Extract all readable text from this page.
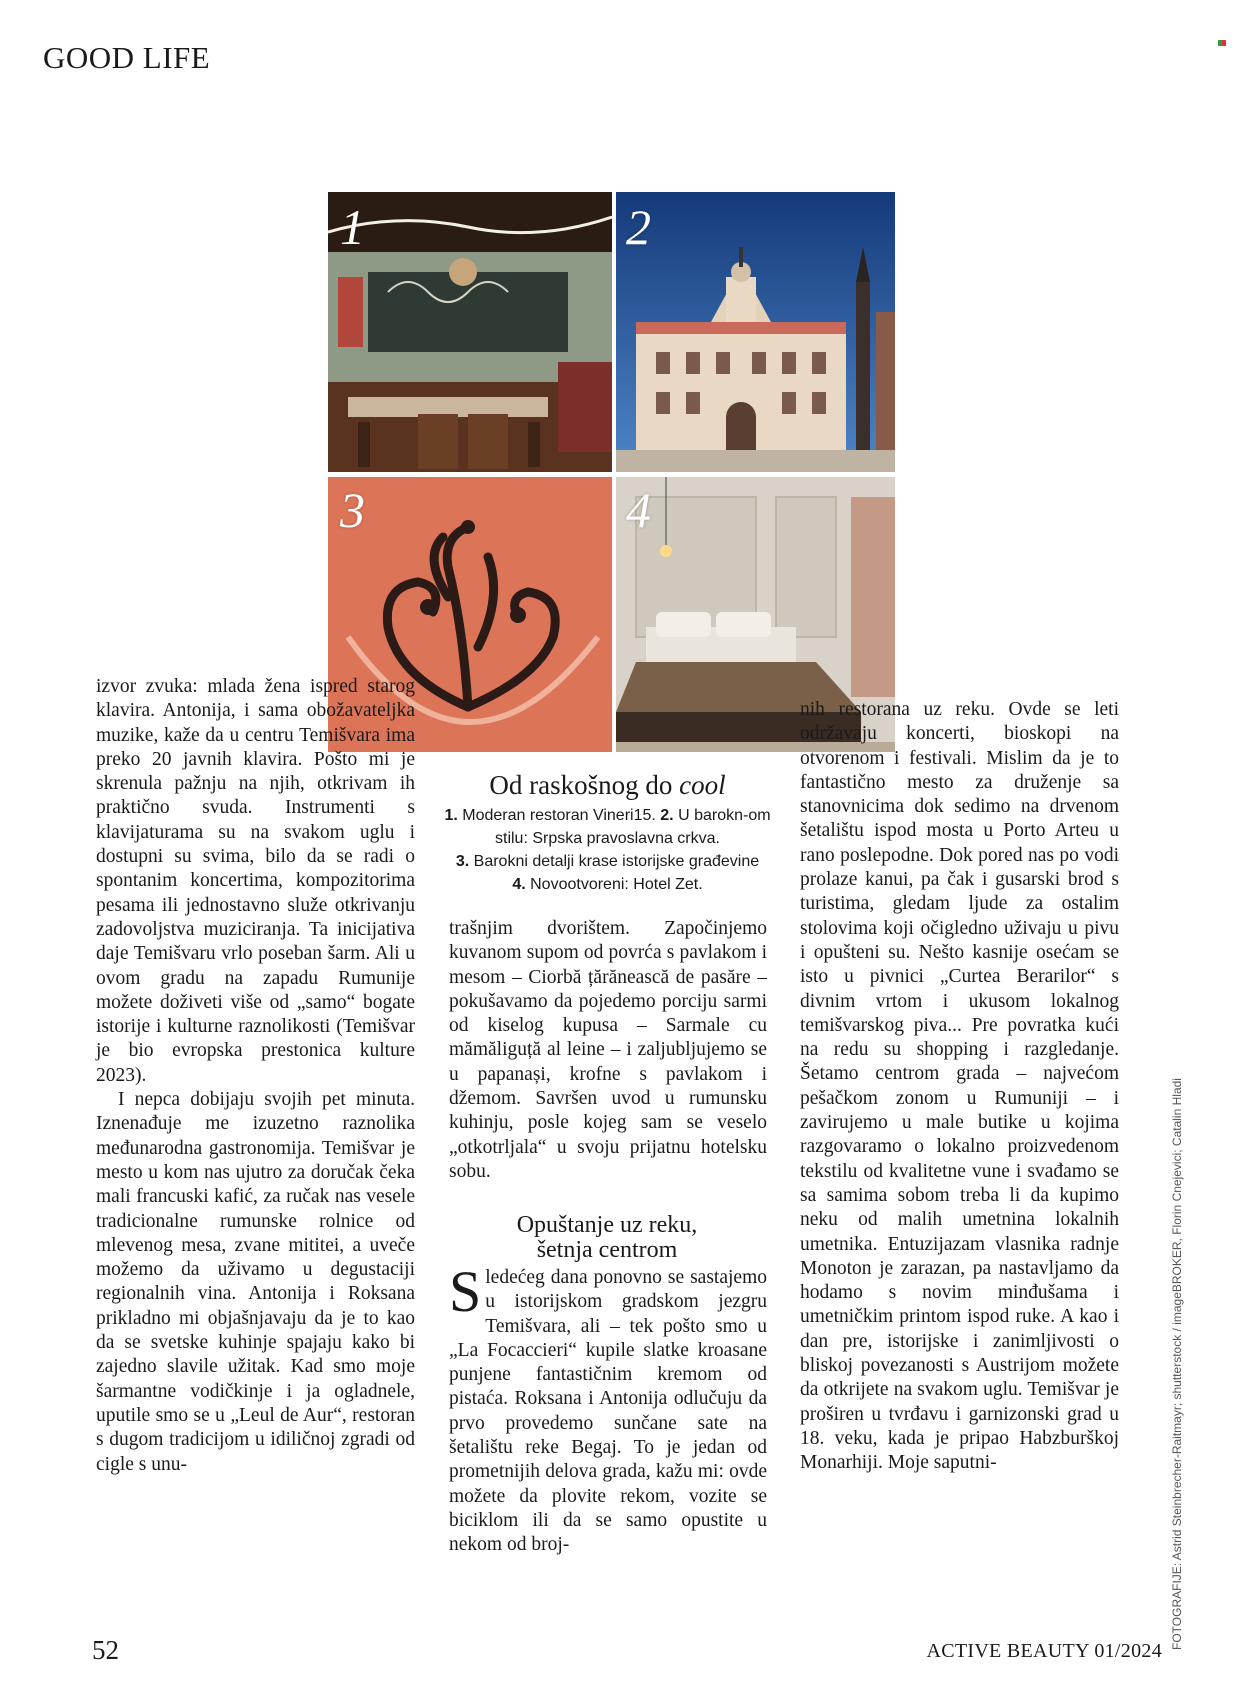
GOOD LIFE
1	2
3	4
Od raskošnog do cool
1. Moderan restoran Vineri15. 2. U barokn-om stilu: Srpska pravoslavna crkva.
3. Barokni detalji krase istorijske građevine
4. Novootvoreni: Hotel Zet.

izvor zvuka: mlada žena ispred starog klavira. Antonija, i sama obožavateljka muzike, kaže da u centru Temišvara ima preko 20 javnih klavira. Pošto mi je skrenula pažnju na njih, otkrivam ih praktično svuda. Instrumenti s klavijaturama su na svakom uglu i dostupni su svima, bilo da se radi o spontanim koncertima, kompozitorima pesama ili jednostavno služe otkrivanju zadovoljstva muziciranja. Ta inicijativa daje Temišvaru vrlo poseban šarm. Ali u ovom gradu na zapadu Rumunije možete doživeti više od „samo“ bogate istorije i kulturne raznolikosti (Temišvar je bio evropska prestonica kulture 2023).

I nepca dobijaju svojih pet minuta. Iznenađuje me izuzetno raznolika međunarodna gastronomija. Temišvar je mesto u kom nas ujutro za doručak čeka mali francuski kafić, za ručak nas vesele tradicionalne rumunske rolnice od mlevenog mesa, zvane mititei, a uveče možemo da uživamo u degustaciji regionalnih vina. Antonija i Roksana prikladno mi objašnjavaju da je to kao da se svetske kuhinje spajaju kako bi zajedno slavile užitak. Kad smo moje šarmantne vodičkinje i ja ogladnele, uputile smo se u „Leul de Aur“, restoran s dugom tradicijom u idiličnoj zgradi od cigle s unu-

trašnjim dvorištem. Započinjemo kuvanom supom od povrća s pavlakom i mesom – Ciorbă țărănească de pasăre – pokušavamo da pojedemo porciju sarmi od kiselog kupusa – Sarmale cu mămăliguță al leine – i zaljubljujemo se u papanași, krofne s pavlakom i džemom. Savršen uvod u rumunsku kuhinju, posle kojeg sam se veselo „otkotrljala“ u svoju prijatnu hotelsku sobu.

Opuštanje uz reku,
šetnja centrom

Sledećeg dana ponovno se sastajemo u istorijskom gradskom jezgru Temišvara, ali – tek pošto smo u „La Focaccieri“ kupile slatke kroasane punjene fantastičnim kremom od pistaća. Roksana i Antonija odlučuju da prvo provedemo sunčane sate na šetalištu reke Begaj. To je jedan od prometnijih delova grada, kažu mi: ovde možete da plovite rekom, vozite se biciklom ili da se samo opustite u nekom od broj-

nih restorana uz reku. Ovde se leti održavaju koncerti, bioskopi na otvorenom i festivali. Mislim da je to fantastično mesto za druženje sa stanovnicima dok sedimo na drvenom šetalištu ispod mosta u Porto Arteu u rano poslepodne. Dok pored nas po vodi prolaze kanui, pa čak i gusarski brod s turistima, gledam ljude za ostalim stolovima koji očigledno uživaju u pivu i opušteni su. Nešto kasnije osećam se isto u pivnici „Curtea Berarilor“ s divnim vrtom i ukusom lokalnog temišvarskog piva... Pre povratka kući na redu su shopping i razgledanje. Šetamo centrom grada – najvećom pešačkom zonom u Rumuniji – i zavirujemo u male butike u kojima razgovaramo o lokalno proizvedenom tekstilu od kvalitetne vune i svađamo se sa samima sobom treba li da kupimo neku od malih umetnina lokalnih umetnika. Entuzijazam vlasnika radnje Monoton je zarazan, pa nastavljamo da hodamo s novim minđušama i umetničkim printom ispod ruke. A kao i dan pre, istorijske i zanimljivosti o bliskoj povezanosti s Austrijom možete da otkrijete na svakom uglu. Temišvar je proširen u tvrđavu i garnizonski grad u 18. veku, kada je pripao Habzburškoj Monarhiji. Moje saputni-	FOTOGRAFIJE: Astrid Steinbrecher-Raitmayr; shutterstock / imageBROKER, Florin Cnejevici; Catalin Hladi
52	ACTIVE BEAUTY 01/2024
